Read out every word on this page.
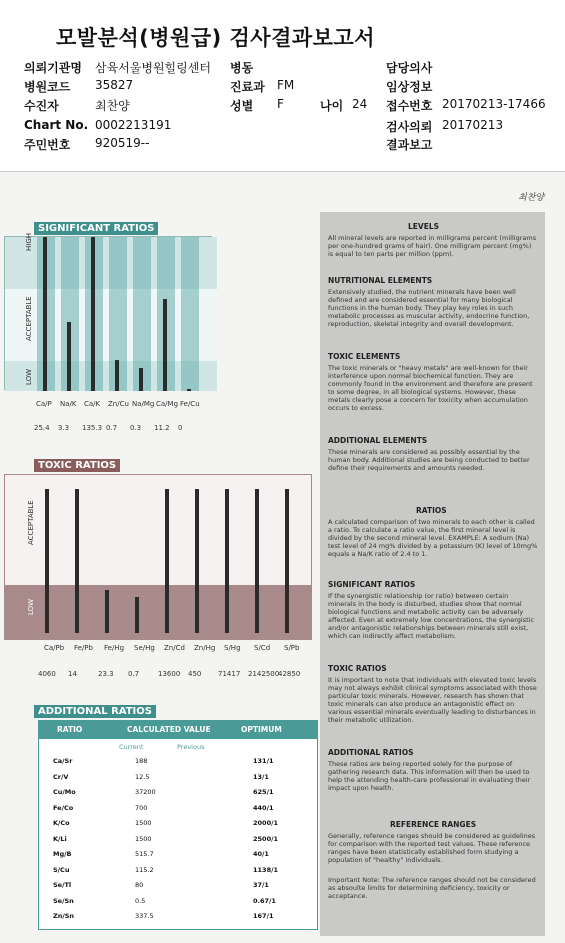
모발분석(병원급) 검사결과보고서
의뢰기관명 삼육서울병원힐링센터 병동	담당의사
병원코드 35827	진료과 FM	임상정보
수진자	최찬양	성별 F	나이 24 접수번호 20170213-17466
Chart No. 0002213191	검사의뢰 20170213
주민번호 920519--	결과보고
최찬양
SIGNIFICANT RATIOS
HIGH
ACCEPTABLE
LOW
Ca/P Na/K Ca/K Zn/Cu Na/Mg Ca/Mg Fe/Cu
25.4 3.3 135.3 0.7 0.3 11.2 0
TOXIC RATIOS
ACCEPTABLE
LOW
Ca/Pb Fe/Pb Fe/Hg Se/Hg Zn/Cd Zn/Hg S/Hg S/Cd S/Pb
4060 14	23.3 0.7	13600 450 71417 2142500
42850
ADDITIONAL RATIOS
RATIO	CALCULATED VALUE	OPTIMUM
Current	Previous
Ca/Sr	188	131/1
Cr/V	12.5	13/1
Cu/Mo	37200	625/1
Fe/Co	700	440/1
K/Co	1500	2000/1
K/Li	1500	2500/1
Mg/B	515.7	40/1
S/Cu	115.2	1138/1
Se/Tl	80	37/1
Se/Sn	0.5	0.67/1
Zn/Sn	337.5	167/1
LEVELS
All mineral levels are reported in milligrams percent (milligrams per one-hundred grams of hair). One milligram percent (mg%) is equal to ten parts per million (ppm).
NUTRITIONAL ELEMENTS
Extensively studied, the nutrient minerals have been well defined and are considered essential for many biological functions in the human body. They play key roles in such metabolic processes as muscular activity, endocrine function, reproduction, skeletal integrity and overall development.
TOXIC ELEMENTS
The toxic minerals or "heavy metals" are well-known for their interference upon normal biochemical function. They are commonly found in the environment and therefore are present to some degree, in all biological systems. However, these metals clearly pose a concern for toxicity when accumulation occurs to excess.
ADDITIONAL ELEMENTS
These minerals are considered as possibly essential by the human body. Additional studies are being conducted to better define their requirements and amounts needed.
RATIOS
A calculated comparison of two minerals to each other is called a ratio. To calculate a ratio value, the first mineral level is divided by the second mineral level. EXAMPLE: A sodium (Na) test level of 24 mg% divided by a potassium (K) level of 10mg% equals a Na/K ratio of 2.4 to 1.
SIGNIFICANT RATIOS
If the synergistic relationship (or ratio) between certain minerals in the body is disturbed, studies show that normal biological functions and metabolic activity can be adversely affected. Even at extremely low concentrations, the synergistic and/or antagonistic relationships between minerals still exist, which can indirectly affect metabolism.
TOXIC RATIOS
It is important to note that individuals with elevated toxic levels may not always exhibit clinical symptoms associated with those particular toxic minerals. However, research has shown that toxic minerals can also produce an antagonistic effect on various essential minerals eventually leading to disturbances in their metabolic utilization.
ADDITIONAL RATIOS
These ratios are being reported solely for the purpose of gathering research data. This information will then be used to help the attending health-care professional in evaluating their impact upon health.
REFERENCE RANGES
Generally, reference ranges should be considered as guidelines for comparison with the reported test values. These reference ranges have been statistically established form studying a population of "healthy" individuals.
Important Note: The reference ranges should not be considered as absoulte limits for determining deficiency, toxicity or acceptance.
